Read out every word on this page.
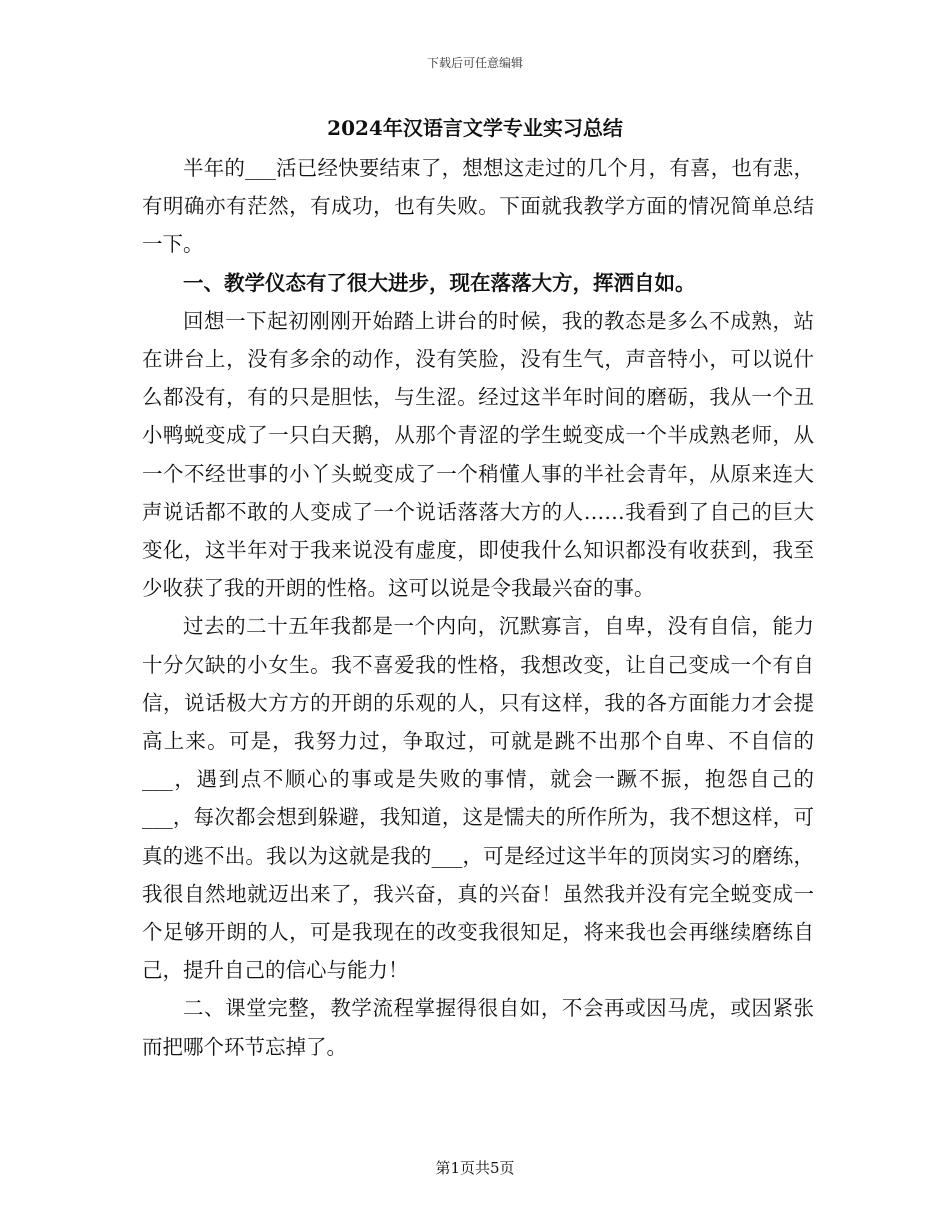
下载后可任意编辑
2024年汉语言文学专业实习总结

半年的___活已经快要结束了，想想这走过的几个月，有喜，也有悲，有明确亦有茫然，有成功，也有失败。下面就我教学方面的情况简单总结一下。

一、教学仪态有了很大进步，现在落落大方，挥洒自如。

回想一下起初刚刚开始踏上讲台的时候，我的教态是多么不成熟，站在讲台上，没有多余的动作，没有笑脸，没有生气，声音特小，可以说什么都没有，有的只是胆怯，与生涩。经过这半年时间的磨砺，我从一个丑小鸭蜕变成了一只白天鹅，从那个青涩的学生蜕变成一个半成熟老师，从一个不经世事的小丫头蜕变成了一个稍懂人事的半社会青年，从原来连大声说话都不敢的人变成了一个说话落落大方的人……我看到了自己的巨大变化，这半年对于我来说没有虚度，即使我什么知识都没有收获到，我至少收获了我的开朗的性格。这可以说是令我最兴奋的事。

过去的二十五年我都是一个内向，沉默寡言，自卑，没有自信，能力十分欠缺的小女生。我不喜爱我的性格，我想改变，让自己变成一个有自信，说话极大方方的开朗的乐观的人，只有这样，我的各方面能力才会提高上来。可是，我努力过，争取过，可就是跳不出那个自卑、不自信的___，遇到点不顺心的事或是失败的事情，就会一蹶不振，抱怨自己的___，每次都会想到躲避，我知道，这是懦夫的所作所为，我不想这样，可真的逃不出。我以为这就是我的___，可是经过这半年的顶岗实习的磨练，我很自然地就迈出来了，我兴奋，真的兴奋！虽然我并没有完全蜕变成一个足够开朗的人，可是我现在的改变我很知足，将来我也会再继续磨练自己，提升自己的信心与能力！

二、课堂完整，教学流程掌握得很自如，不会再或因马虎，或因紧张而把哪个环节忘掉了。

第1页共5页
